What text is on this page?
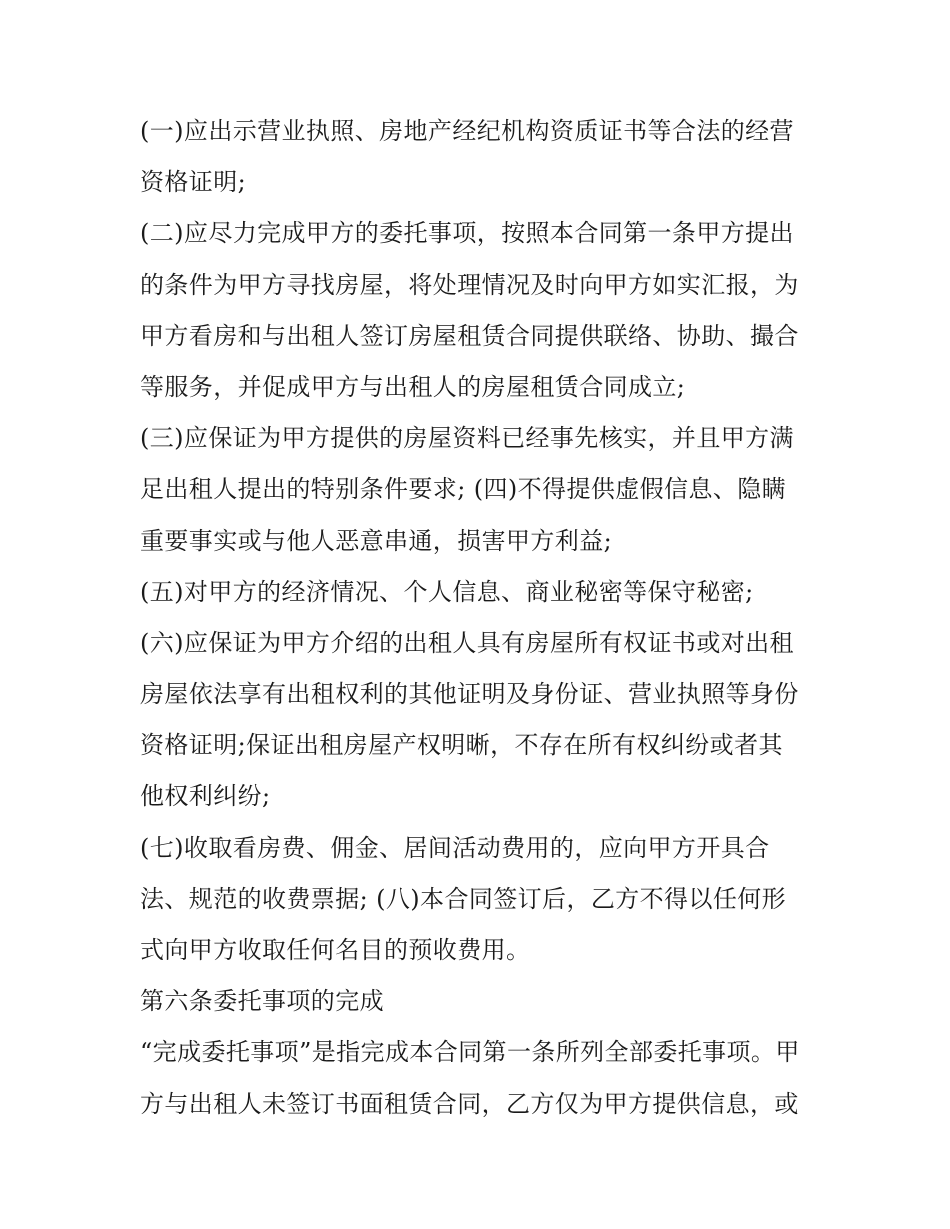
(一)应出示营业执照、房地产经纪机构资质证书等合法的经营
资格证明;
(二)应尽力完成甲方的委托事项，按照本合同第一条甲方提出
的条件为甲方寻找房屋，将处理情况及时向甲方如实汇报，为
甲方看房和与出租人签订房屋租赁合同提供联络、协助、撮合
等服务，并促成甲方与出租人的房屋租赁合同成立;
(三)应保证为甲方提供的房屋资料已经事先核实，并且甲方满
足出租人提出的特别条件要求; (四)不得提供虚假信息、隐瞒
重要事实或与他人恶意串通，损害甲方利益;
(五)对甲方的经济情况、个人信息、商业秘密等保守秘密;
(六)应保证为甲方介绍的出租人具有房屋所有权证书或对出租
房屋依法享有出租权利的其他证明及身份证、营业执照等身份
资格证明;保证出租房屋产权明晰，不存在所有权纠纷或者其
他权利纠纷;
(七)收取看房费、佣金、居间活动费用的，应向甲方开具合
法、规范的收费票据; (八)本合同签订后，乙方不得以任何形
式向甲方收取任何名目的预收费用。
第六条委托事项的完成
“完成委托事项”是指完成本合同第一条所列全部委托事项。甲
方与出租人未签订书面租赁合同，乙方仅为甲方提供信息，或
